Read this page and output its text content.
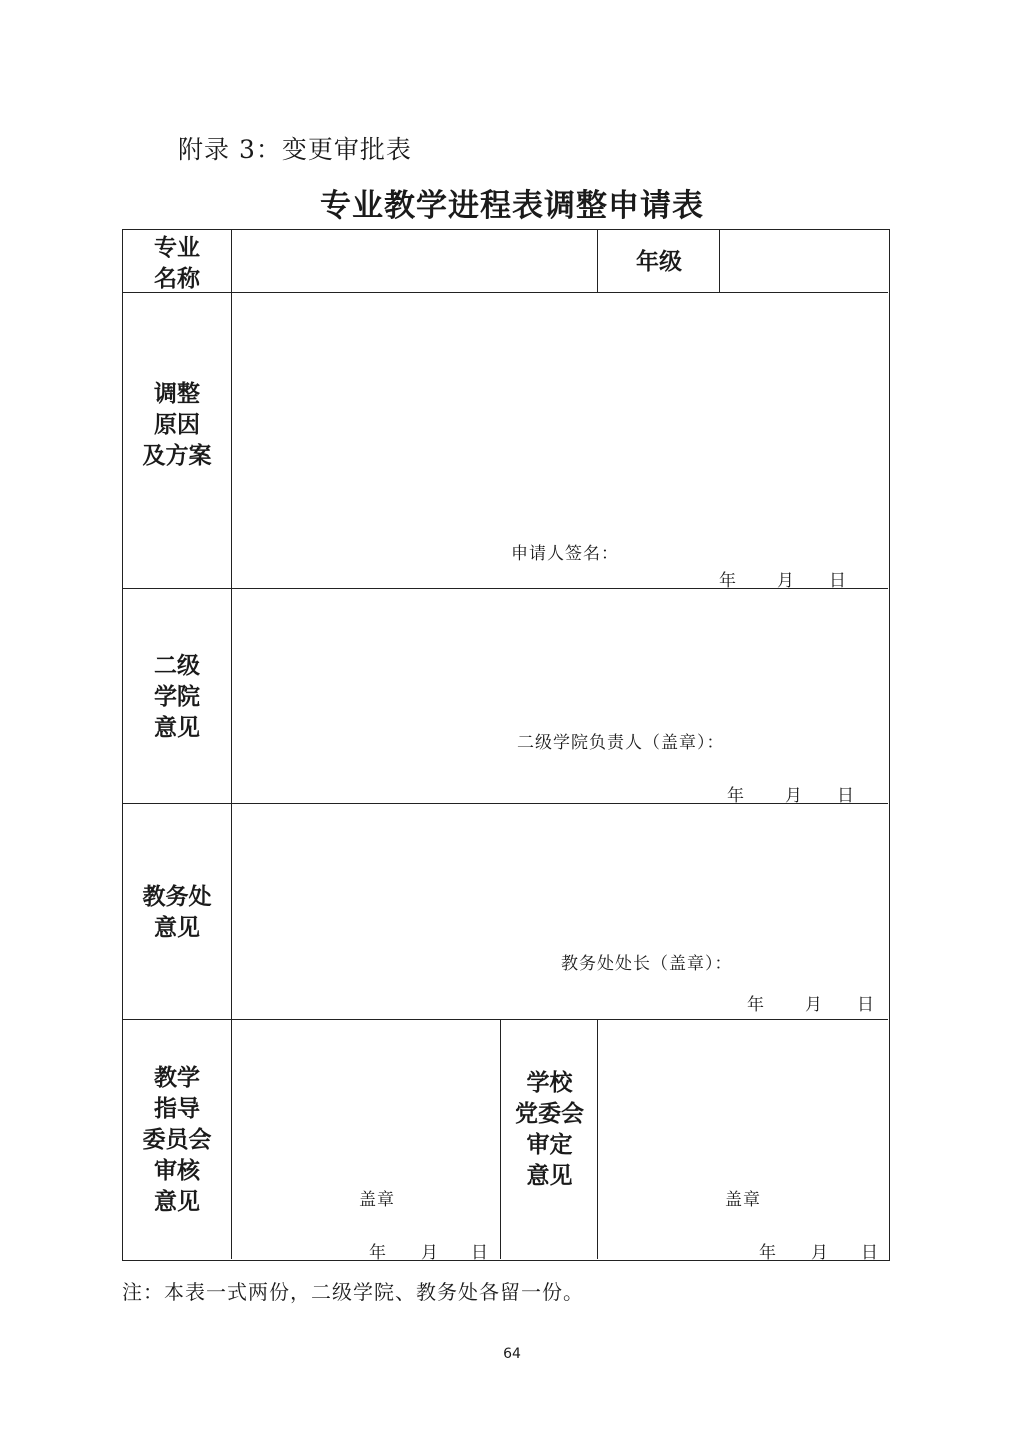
附录 3：变更审批表
专业教学进程表调整申请表
专业
名称
年级
调整
原因
及方案
申请人签名：
年 月 日
二级
学院
意见
二级学院负责人（盖章）：
年 月 日
教务处
意见
教务处处长（盖章）：
年 月 日
教学
指导
委员会
审核
意见	盖章
年 月 日
学校
党委会
审定
意见
盖章
年 月 日
注：本表一式两份，二级学院、教务处各留一份。
64
